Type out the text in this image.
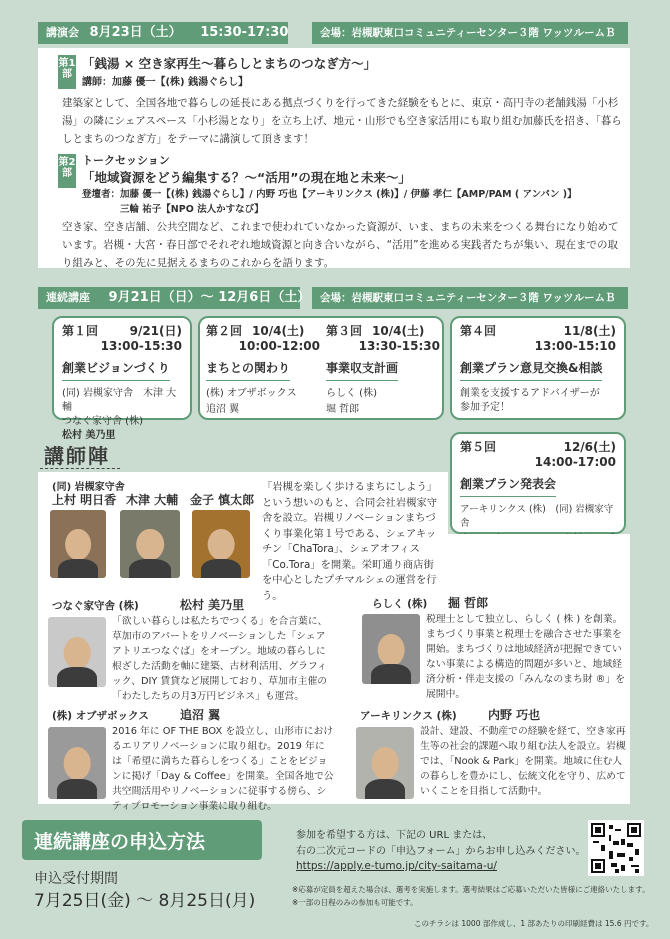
講演会 8月23日（土） 15:30-17:30	会場：岩槻駅東口コミュニティーセンター３階 ワッツルームＢ
第1部
「銭湯 × 空き家再生〜暮らしとまちのつなぎ方〜」
講師：加藤 優一【(株) 銭湯ぐらし】
建築家として、全国各地で暮らしの延長にある拠点づくりを行ってきた経験をもとに、東京・高円寺の老舗銭湯「小杉湯」の隣にシェアスペース「小杉湯となり」を立ち上げ、地元・山形でも空き家活用にも取り組む加藤氏を招き、「暮らしとまちのつなぎ方」をテーマに講演して頂きます！
第2部
トークセッション
「地域資源をどう編集する？〜“活用”の現在地と未来〜」
登壇者：加藤 優一【(株) 銭湯ぐらし】/ 内野 巧也【アーキリンクス (株)】/ 伊藤 孝仁【AMP/PAM ( アンパン )】
三輪 祐子【NPO 法人かすなび】
空き家、空き店舗、公共空間など、これまで使われていなかった資源が、いま、まちの未来をつくる舞台になり始めています。岩槻・大宮・春日部でそれぞれ地域資源と向き合いながら、“活用”を進める実践者たちが集い、現在までの取り組みと、その先に見据えるまちのこれからを語ります。
連続講座 9月21日（日）〜 12月6日（土） 会場：岩槻駅東口コミュニティーセンター３階 ワッツルームＢ
第１回	9/21(日)
13:00-15:30
創業ビジョンづくり
(同) 岩槻家守舎　木津 大輔
つなぐ家守舎 (株)
松村 美乃里
第２回 10/4(土)
10:00-12:00
まちとの関わり
(株) オブザボックス
追沼 翼
第３回 10/4(土)
13:30-15:30
事業収支計画
らしく (株)
堀 哲郎
第４回	11/8(土)
13:00-15:10
創業プラン意見交換&相談
創業を支援するアドバイザーが
参加予定！
第５回	12/6(土)
14:00-17:00
創業プラン発表会
アーキリンクス (株)　(同) 岩槻家守舎
講師陣
(同) 岩槻家守舎
上村 明日香 木津 大輔 金子 慎太郎
「岩槻を楽しく歩けるまちにしよう」という想いのもと、合同会社岩槻家守舎を設立。岩槻リノベーションまちづくり事業化第１号である、シェアキッチン「ChaTora」、シェアオフィス「Co.Tora」を開業。栄町通り商店街を中心としたプチマルシェの運営を行う。
つなぐ家守舎 (株)	松村 美乃里
「欲しい暮らしは私たちでつくる」を合言葉に、草加市のアパートをリノベーションした「シェアアトリエつなぐば」をオープン。地域の暮らしに根ざした活動を軸に建築、古材利活用、グラフィック、DIY 賃貸など展開しており、草加市主催の「わたしたちの月3万円ビジネス」も運営。
らしく (株) 掘 哲郎
税理士として独立し、らしく ( 株 ) を創業。まちづくり事業と税理士を融合させた事業を開始。まちづくりは地域経済が把握できていない事業による構造的問題が多いと、地域経済分析・伴走支援の「みんなのまち財 ®」を展開中。
(株) オブザボックス	追沼 翼
2016 年に OF THE BOX を設立し、山形市におけるエリアリノベーションに取り組む。2019 年には「希望に満ちた暮らしをつくる」ことをビジョンに掲げ「Day & Coffee」を開業。全国各地で公共空間活用やリノベーションに従事する傍ら、シティプロモーション事業に取り組む。
アーキリンクス (株)	内野 巧也
設計、建設、不動産での経験を経て、空き家再生等の社会的課題へ取り組む法人を設立。岩槻では、「Nook & Park」を開業。地域に住む人の暮らしを豊かにし、伝統文化を守り、広めていくことを目指して活動中。
連続講座の申込方法
申込受付期間
7月25日(金) 〜 8月25日(月)
参加を希望する方は、下記の URL または、
右の二次元コードの「申込フォーム」からお申し込みください。
https://apply.e-tumo.jp/city-saitama-u/
※応募が定員を超えた場合は、選考を実施します。選考結果はご応募いただいた皆様にご連絡いたします。
※一部の日程のみの参加も可能です。
このチラシは 1000 部作成し、1 部あたりの印刷経費は 15.6 円です。
